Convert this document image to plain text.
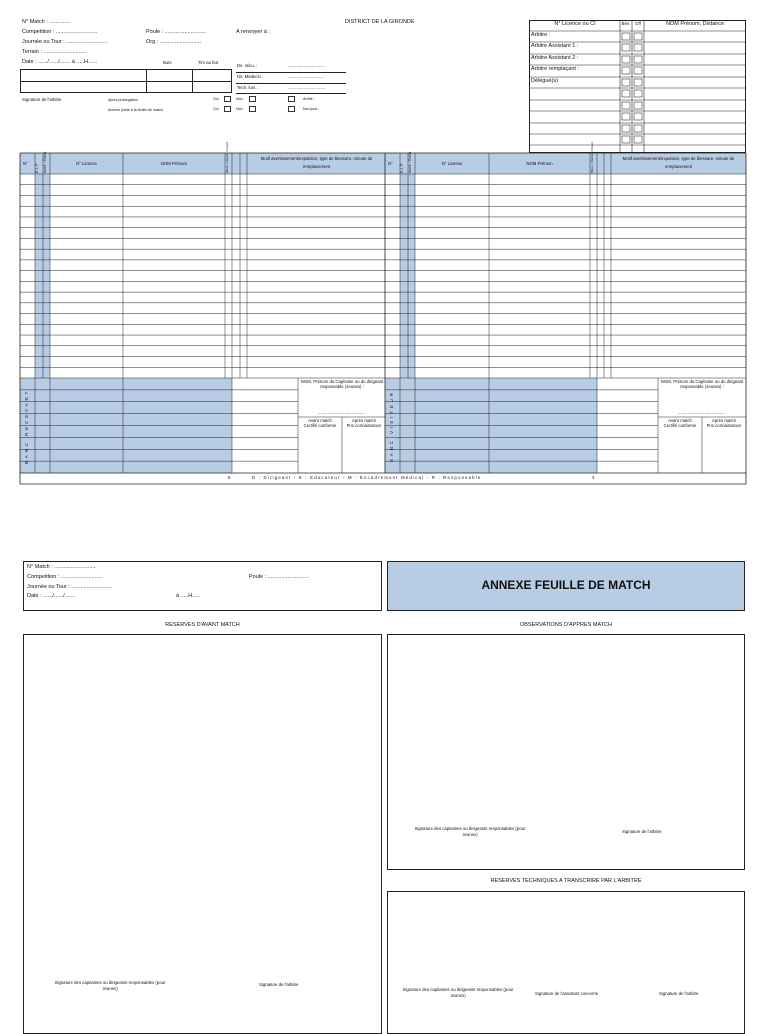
N° Match : ..............
Competition : ...........................
Journée ou Tour : ...........................
Terrain : ............................
Date : ....../....../....... à .....H......
Poule : ...........................
Org : ...........................
A renvoyer à :
DISTRICT DE LA GIRONDE
Buts	Tirs au but
Dir. sécu. :
Dir. Médecin :
Tech. lum. :
...............................
...............................
...............................
Signature de l'arbitre	Après prolongation
Annexe jointe à la feuille de match
Oui	Non
Oui	Non
Arrêté :
Non joué :
N° Licence ou CI	Bén.	Off	NOM Prénom, Distance
Arbitre :
Arbitre Assistant 1 :
Arbitre Assistant 2 :
Arbitre remplaçant :
Délégué(s)
N° E J, P Avert. / Exclu.	N° Licence	NOM Prénom	Bless. / Rempl. / Divers	Motif avertissement/expulsion, type de blessure, minute de remplacement
N° E J, P Avert. / Exclu.	N° Licence	NOM Prénom	Bless. / Rempl. / Divers	Motif avertissement/expulsion, type de blessure, minute de remplacement
BANC RECEVANT	BANC VISITEUR
NOM, Prénom du Capitaine ou du dirigeant responsable (Jeunes) :
........................................
Avant match
Certifié conforme
Après match
Pris connaissance
NOM, Prénom du Capitaine ou du dirigeant responsable (Jeunes) :
........................................
Avant match
Certifié conforme
Après match
Pris connaissance
5	D : Dirigeant - E : Educateur - M : Encadrement Médical - R : Responsable	3
N° Match : ...........................
Competition : ...........................
Journée ou Tour : ...........................
Date : ....../....../.......	à .....H.....
Poule : ...........................
ANNEXE FEUILLE DE MATCH
RESERVES D'AVANT MATCH
Signature des capitaines ou dirigeants responsables (pour Jeunes)
Signature de l'arbitre
OBSERVATIONS D'APPRES MATCH
Signature des capitaines ou dirigeants responsables (pour Jeunes)
Signature de l'arbitre
RESERVES TECHNIQUES A TRANSCRIRE PAR L'ARBITRE
Signature des capitaines ou dirigeants responsables (pour Jeunes)	Signature de l'assistant concerné	Signature de l'arbitre
